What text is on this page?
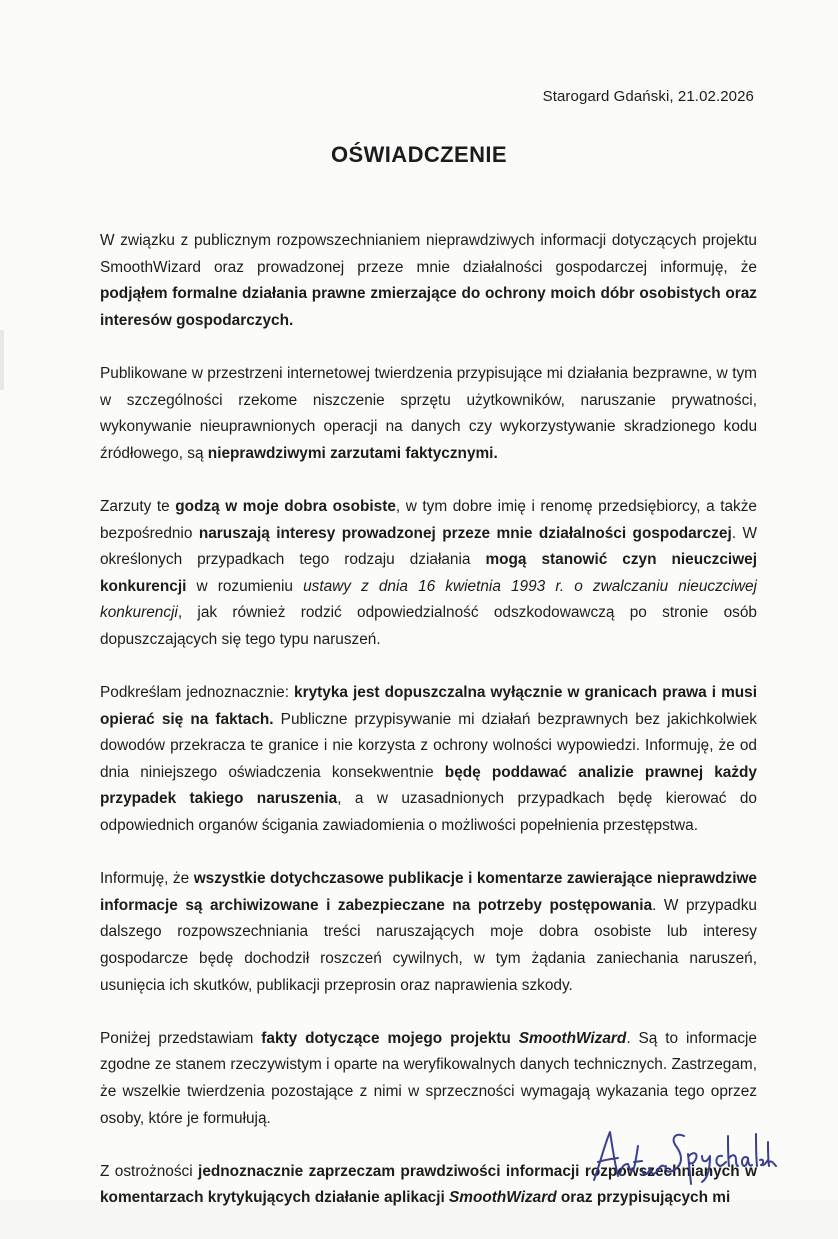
Starogard Gdański, 21.02.2026
OŚWIADCZENIE

W związku z publicznym rozpowszechnianiem nieprawdziwych informacji dotyczących projektu SmoothWizard oraz prowadzonej przeze mnie działalności gospodarczej informuję, że podjąłem formalne działania prawne zmierzające do ochrony moich dóbr osobistych oraz interesów gospodarczych.

Publikowane w przestrzeni internetowej twierdzenia przypisujące mi działania bezprawne, w tym w szczególności rzekome niszczenie sprzętu użytkowników, naruszanie prywatności, wykonywanie nieuprawnionych operacji na danych czy wykorzystywanie skradzionego kodu źródłowego, są nieprawdziwymi zarzutami faktycznymi.

Zarzuty te godzą w moje dobra osobiste, w tym dobre imię i renomę przedsiębiorcy, a także bezpośrednio naruszają interesy prowadzonej przeze mnie działalności gospodarczej. W określonych przypadkach tego rodzaju działania mogą stanowić czyn nieuczciwej konkurencji w rozumieniu ustawy z dnia 16 kwietnia 1993 r. o zwalczaniu nieuczciwej konkurencji, jak również rodzić odpowiedzialność odszkodowawczą po stronie osób dopuszczających się tego typu naruszeń.

Podkreślam jednoznacznie: krytyka jest dopuszczalna wyłącznie w granicach prawa i musi opierać się na faktach. Publiczne przypisywanie mi działań bezprawnych bez jakichkolwiek dowodów przekracza te granice i nie korzysta z ochrony wolności wypowiedzi. Informuję, że od dnia niniejszego oświadczenia konsekwentnie będę poddawać analizie prawnej każdy przypadek takiego naruszenia, a w uzasadnionych przypadkach będę kierować do odpowiednich organów ścigania zawiadomienia o możliwości popełnienia przestępstwa.

Informuję, że wszystkie dotychczasowe publikacje i komentarze zawierające nieprawdziwe informacje są archiwizowane i zabezpieczane na potrzeby postępowania. W przypadku dalszego rozpowszechniania treści naruszających moje dobra osobiste lub interesy gospodarcze będę dochodził roszczeń cywilnych, w tym żądania zaniechania naruszeń, usunięcia ich skutków, publikacji przeprosin oraz naprawienia szkody.

Poniżej przedstawiam fakty dotyczące mojego projektu SmoothWizard. Są to informacje zgodne ze stanem rzeczywistym i oparte na weryfikowalnych danych technicznych. Zastrzegam, że wszelkie twierdzenia pozostające z nimi w sprzeczności wymagają wykazania tego oprzez osoby, które je formułują.

Z ostrożności jednoznacznie zaprzeczam prawdziwości informacji rozpowszechnianych w komentarzach krytykujących działanie aplikacji SmoothWizard oraz przypisujących mi
